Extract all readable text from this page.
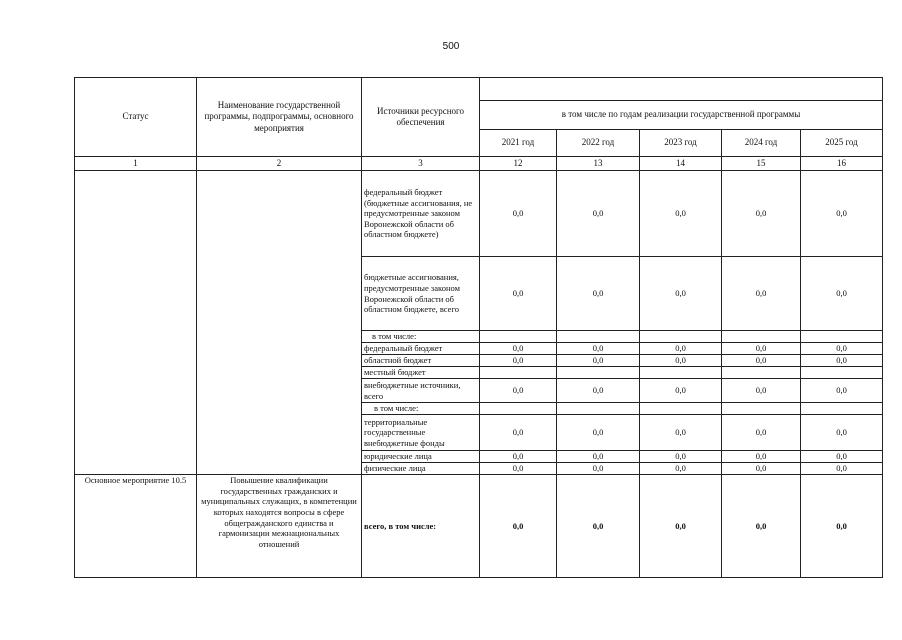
500
Статус	Наименование государственной программы, подпрограммы, основного мероприятия	Источники ресурсного обеспечения					
			в том числе по годам реализации государственной программы				
			2021 год	2022 год	2023 год	2024 год	2025 год
1	2	3	12	13	14	15	16
		федеральный бюджет (бюджетные ассигнования, не предусмотренные законом Воронежской области об областном бюджете)	0,0	0,0	0,0	0,0	0,0
		бюджетные ассигнования, предусмотренные законом Воронежской области об областном бюджете, всего	0,0	0,0	0,0	0,0	0,0
		в том числе:					
		федеральный бюджет	0,0	0,0	0,0	0,0	0,0
		областной бюджет	0,0	0,0	0,0	0,0	0,0
		местный бюджет					
		внебюджетные источники, всего	0,0	0,0	0,0	0,0	0,0
		в том числе:					
		территориальные государственные внебюджетные фонды	0,0	0,0	0,0	0,0	0,0
		юридические лица	0,0	0,0	0,0	0,0	0,0
		физические лица	0,0	0,0	0,0	0,0	0,0
Основное мероприятие 10.5	Повышение квалификации государственных гражданских и муниципальных служащих, в компетенции которых находятся вопросы в сфере общегражданского единства и гармонизации межнациональных отношений	всего, в том числе:	0,0	0,0	0,0	0,0	0,0
